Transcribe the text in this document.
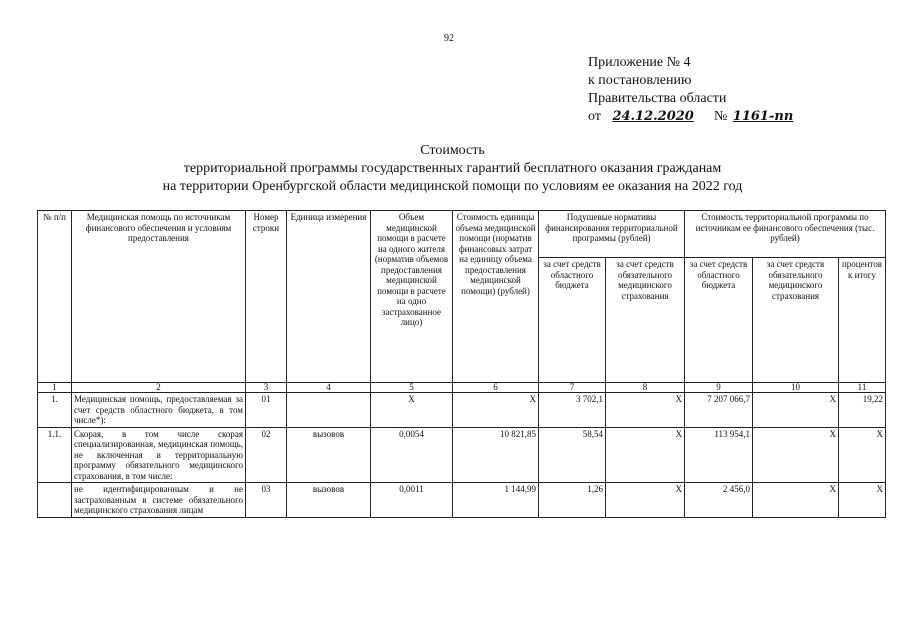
92
Приложение № 4
к постановлению
Правительства области
от 24.12.2020 № 1161-пп
Стоимость
территориальной программы государственных гарантий бесплатного оказания гражданам
на территории Оренбургской области медицинской помощи по условиям ее оказания на 2022 год
№ п/п	Медицинская помощь по источникам финансового обеспечения и условиям предоставления	Номер строки	Единица измерения	Объем медицинской помощи в расчете на одного жителя (норматив объемов предоставления медицинской помощи в расчете на одно застрахованное лицо)	Стоимость единицы объема медицинской помощи (норматив финансовых затрат на единицу объема предоставления медицинской помощи) (рублей)	Подушевые нормативы финансирования территориальной программы (рублей)		Стоимость территориальной программы по источникам ее финансового обеспечения (тыс. рублей)		
						за счет средств областного бюджета	за счет средств обязательного медицинского страхования	за счет средств областного бюджета	за счет средств обязательного медицинского страхования	процентов к итогу
1	2	3	4	5	6	7	8	9	10	11
1.	Медицинская помощь, предоставляемая за счет средств областного бюджета, в том числе*):	01		X	X	3 702,1	X	7 207 066,7	X	19,22
1.1.	Скорая, в том числе скорая специализированная, медицинская помощь, не включенная в территориальную программу обязательного медицинского страхования, в том числе:	02	вызовов	0,0054	10 821,85	58,54	X	113 954,1	X	X
	не идентифицированным и не застрахованным в системе обязательного медицинского страхования лицам	03	вызовов	0,0011	1 144,99	1,26	X	2 456,0	X	X
